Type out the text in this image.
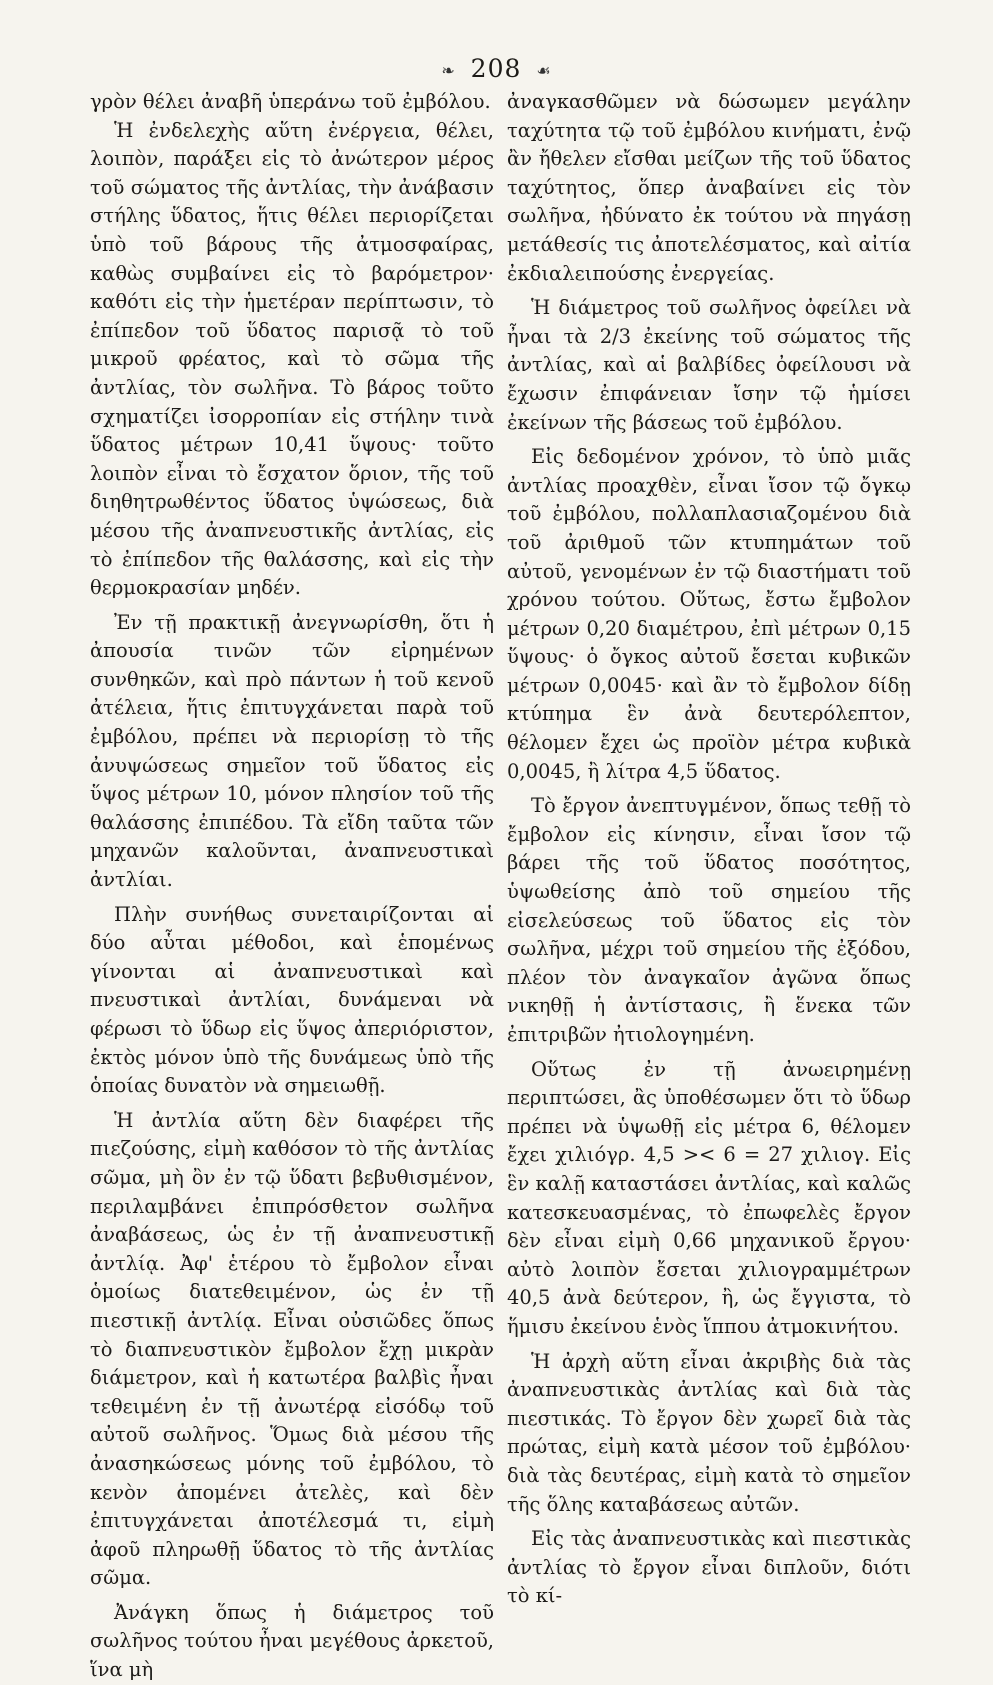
❧ 208 ☙

γρὸν θέλει ἀναβῆ ὑπεράνω τοῦ ἐμβόλου.

Ἡ ἐνδελεχὴς αὕτη ἐνέργεια, θέλει, λοιπὸν, παράξει εἰς τὸ ἀνώτερον μέρος τοῦ σώματος τῆς ἀντλίας, τὴν ἀνάβασιν στήλης ὕδατος, ἥτις θέλει περιορίζεται ὑπὸ τοῦ βάρους τῆς ἀτμοσφαίρας, καθὼς συμβαίνει εἰς τὸ βαρόμετρον· καθότι εἰς τὴν ἡμετέραν περίπτωσιν, τὸ ἐπίπεδον τοῦ ὕδατος παρισᾷ τὸ τοῦ μικροῦ φρέατος, καὶ τὸ σῶμα τῆς ἀντλίας, τὸν σωλῆνα. Τὸ βάρος τοῦτο σχηματίζει ἰσορροπίαν εἰς στήλην τινὰ ὕδατος μέτρων 10,41 ὕψους· τοῦτο λοιπὸν εἶναι τὸ ἔσχατον ὅριον, τῆς τοῦ διηθητρωθέντος ὕδατος ὑψώσεως, διὰ μέσου τῆς ἀναπνευστικῆς ἀντλίας, εἰς τὸ ἐπίπεδον τῆς θαλάσσης, καὶ εἰς τὴν θερμοκρασίαν μηδέν.

Ἐν τῇ πρακτικῇ ἀνεγνωρίσθη, ὅτι ἡ ἀπουσία τινῶν τῶν εἰρημένων συνθηκῶν, καὶ πρὸ πάντων ἡ τοῦ κενοῦ ἀτέλεια, ἥτις ἐπιτυγχάνεται παρὰ τοῦ ἐμβόλου, πρέπει νὰ περιορίσῃ τὸ τῆς ἀνυψώσεως σημεῖον τοῦ ὕδατος εἰς ὕψος μέτρων 10, μόνον πλησίον τοῦ τῆς θαλάσσης ἐπιπέδου. Τὰ εἴδη ταῦτα τῶν μηχανῶν καλοῦνται, ἀναπνευστικαὶ ἀντλίαι.

Πλὴν συνήθως συνεταιρίζονται αἱ δύο αὗται μέθοδοι, καὶ ἑπομένως γίνονται αἱ ἀναπνευστικαὶ καὶ πνευστικαὶ ἀντλίαι, δυνάμεναι νὰ φέρωσι τὸ ὕδωρ εἰς ὕψος ἀπεριόριστον, ἐκτὸς μόνον ὑπὸ τῆς δυνάμεως ὑπὸ τῆς ὁποίας δυνατὸν νὰ σημειωθῇ.

Ἡ ἀντλία αὕτη δὲν διαφέρει τῆς πιεζούσης, εἰμὴ καθόσον τὸ τῆς ἀντλίας σῶμα, μὴ ὂν ἐν τῷ ὕδατι βεβυθισμένον, περιλαμβάνει ἐπιπρόσθετον σωλῆνα ἀναβάσεως, ὡς ἐν τῇ ἀναπνευστικῇ ἀντλίᾳ. Ἀφ' ἑτέρου τὸ ἔμβολον εἶναι ὁμοίως διατεθειμένον, ὡς ἐν τῇ πιεστικῇ ἀντλίᾳ. Εἶναι οὐσιῶδες ὅπως τὸ διαπνευστικὸν ἔμβολον ἔχῃ μικρὰν διάμετρον, καὶ ἡ κατωτέρα βαλβὶς ἦναι τεθειμένη ἐν τῇ ἀνωτέρᾳ εἰσόδῳ τοῦ αὐτοῦ σωλῆνος. Ὅμως διὰ μέσου τῆς ἀνασηκώσεως μόνης τοῦ ἐμβόλου, τὸ κενὸν ἀπομένει ἀτελὲς, καὶ δὲν ἐπιτυγχάνεται ἀποτέλεσμά τι, εἰμὴ ἀφοῦ πληρωθῇ ὕδατος τὸ τῆς ἀντλίας σῶμα.

Ἀνάγκη ὅπως ἡ διάμετρος τοῦ σωλῆνος τούτου ἦναι μεγέθους ἀρκετοῦ, ἵνα μὴ

ἀναγκασθῶμεν νὰ δώσωμεν μεγάλην ταχύτητα τῷ τοῦ ἐμβόλου κινήματι, ἐνῷ ἂν ἤθελεν εἴσθαι μείζων τῆς τοῦ ὕδατος ταχύτητος, ὅπερ ἀναβαίνει εἰς τὸν σωλῆνα, ἠδύνατο ἐκ τούτου νὰ πηγάσῃ μετάθεσίς τις ἀποτελέσματος, καὶ αἰτία ἐκδιαλειπούσης ἐνεργείας.

Ἡ διάμετρος τοῦ σωλῆνος ὀφείλει νὰ ἦναι τὰ 2/3 ἐκείνης τοῦ σώματος τῆς ἀντλίας, καὶ αἱ βαλβίδες ὀφείλουσι νὰ ἔχωσιν ἐπιφάνειαν ἴσην τῷ ἡμίσει ἐκείνων τῆς βάσεως τοῦ ἐμβόλου.

Εἰς δεδομένον χρόνον, τὸ ὑπὸ μιᾶς ἀντλίας προαχθὲν, εἶναι ἴσον τῷ ὄγκῳ τοῦ ἐμβόλου, πολλαπλασιαζομένου διὰ τοῦ ἀριθμοῦ τῶν κτυπημάτων τοῦ αὐτοῦ, γενομένων ἐν τῷ διαστήματι τοῦ χρόνου τούτου. Οὕτως, ἔστω ἔμβολον μέτρων 0,20 διαμέτρου, ἐπὶ μέτρων 0,15 ὕψους· ὁ ὄγκος αὐτοῦ ἔσεται κυβικῶν μέτρων 0,0045· καὶ ἂν τὸ ἔμβολον δίδῃ κτύπημα ἓν ἀνὰ δευτερόλεπτον, θέλομεν ἔχει ὡς προϊὸν μέτρα κυβικὰ 0,0045, ἢ λίτρα 4,5 ὕδατος.

Τὸ ἔργον ἀνεπτυγμένον, ὅπως τεθῇ τὸ ἔμβολον εἰς κίνησιν, εἶναι ἴσον τῷ βάρει τῆς τοῦ ὕδατος ποσότητος, ὑψωθείσης ἀπὸ τοῦ σημείου τῆς εἰσελεύσεως τοῦ ὕδατος εἰς τὸν σωλῆνα, μέχρι τοῦ σημείου τῆς ἐξόδου, πλέον τὸν ἀναγκαῖον ἀγῶνα ὅπως νικηθῇ ἡ ἀντίστασις, ἢ ἕνεκα τῶν ἐπιτριβῶν ἠτιολογημένη.

Οὕτως ἐν τῇ ἀνωειρημένῃ περιπτώσει, ἂς ὑποθέσωμεν ὅτι τὸ ὕδωρ πρέπει νὰ ὑψωθῇ εἰς μέτρα 6, θέλομεν ἔχει χιλιόγρ. 4,5 >< 6 = 27 χιλιογ. Εἰς ἓν καλῇ καταστάσει ἀντλίας, καὶ καλῶς κατεσκευασμένας, τὸ ἐπωφελὲς ἔργον δὲν εἶναι εἰμὴ 0,66 μηχανικοῦ ἔργου· αὐτὸ λοιπὸν ἔσεται χιλιογραμμέτρων 40,5 ἀνὰ δεύτερον, ἢ, ὡς ἔγγιστα, τὸ ἥμισυ ἐκείνου ἑνὸς ἵππου ἀτμοκινήτου.

Ἡ ἀρχὴ αὕτη εἶναι ἀκριβὴς διὰ τὰς ἀναπνευστικὰς ἀντλίας καὶ διὰ τὰς πιεστικάς. Τὸ ἔργον δὲν χωρεῖ διὰ τὰς πρώτας, εἰμὴ κατὰ μέσον τοῦ ἐμβόλου· διὰ τὰς δευτέρας, εἰμὴ κατὰ τὸ σημεῖον τῆς ὅλης καταβάσεως αὐτῶν.

Εἰς τὰς ἀναπνευστικὰς καὶ πιεστικὰς ἀντλίας τὸ ἔργον εἶναι διπλοῦν, διότι τὸ κί-
